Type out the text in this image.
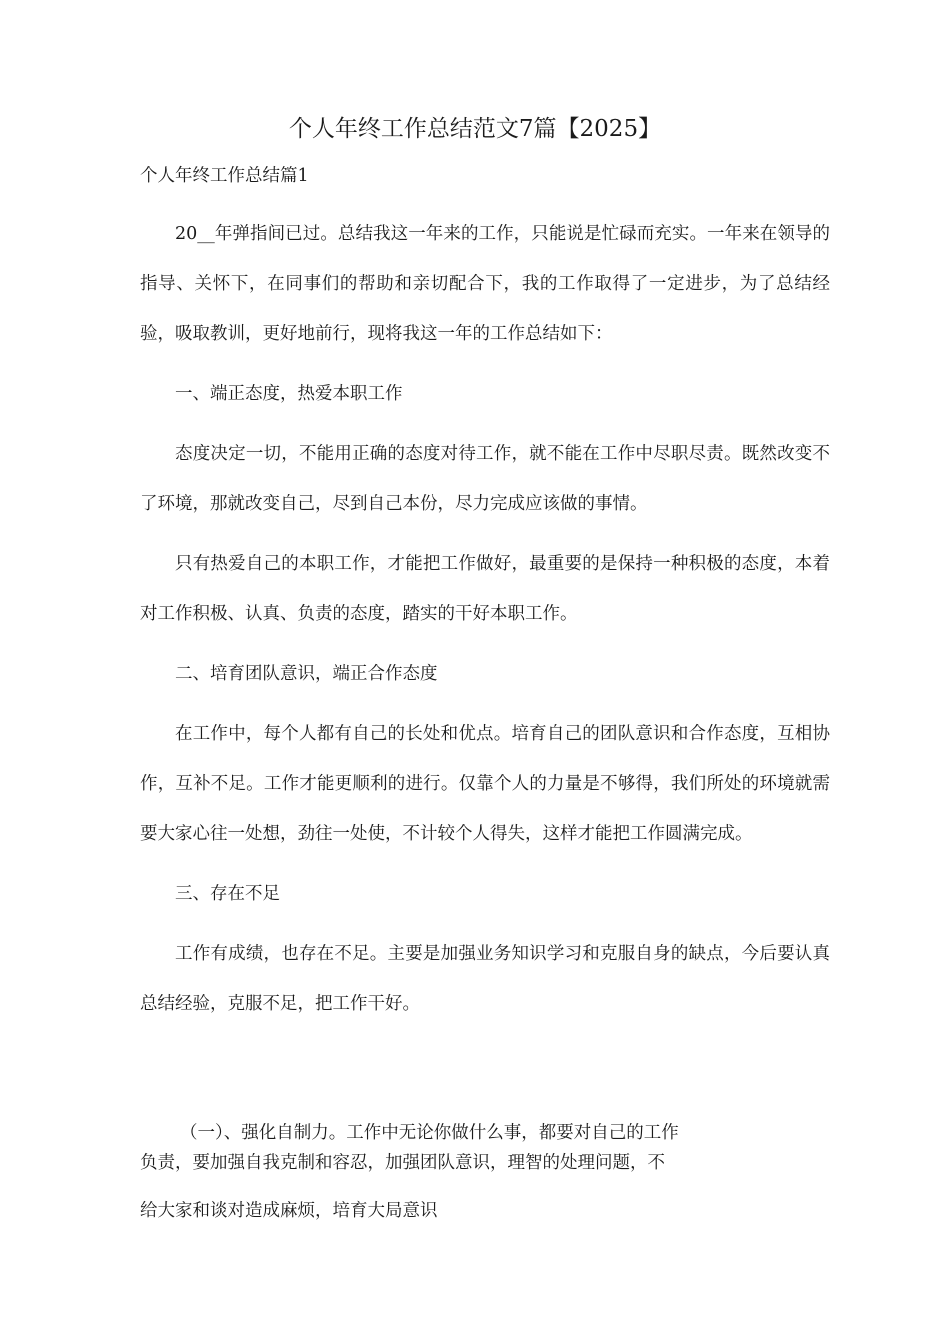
个人年终工作总结范文7篇【2025】
个人年终工作总结篇1

20__年弹指间已过。总结我这一年来的工作，只能说是忙碌而充实。一年来在领导的指导、关怀下，在同事们的帮助和亲切配合下，我的工作取得了一定进步，为了总结经验，吸取教训，更好地前行，现将我这一年的工作总结如下：

一、端正态度，热爱本职工作

态度决定一切，不能用正确的态度对待工作，就不能在工作中尽职尽责。既然改变不了环境，那就改变自己，尽到自己本份，尽力完成应该做的事情。

只有热爱自己的本职工作，才能把工作做好，最重要的是保持一种积极的态度，本着对工作积极、认真、负责的态度，踏实的干好本职工作。

二、培育团队意识，端正合作态度

在工作中，每个人都有自己的长处和优点。培育自己的团队意识和合作态度，互相协作，互补不足。工作才能更顺利的进行。仅靠个人的力量是不够得，我们所处的环境就需要大家心往一处想，劲往一处使，不计较个人得失，这样才能把工作圆满完成。

三、存在不足

工作有成绩，也存在不足。主要是加强业务知识学习和克服自身的缺点，今后要认真总结经验，克服不足，把工作干好。

（一）、强化自制力。工作中无论你做什么事，都要对自己的工作
负责，要加强自我克制和容忍，加强团队意识，理智的处理问题，不
给大家和谈对造成麻烦，培育大局意识
